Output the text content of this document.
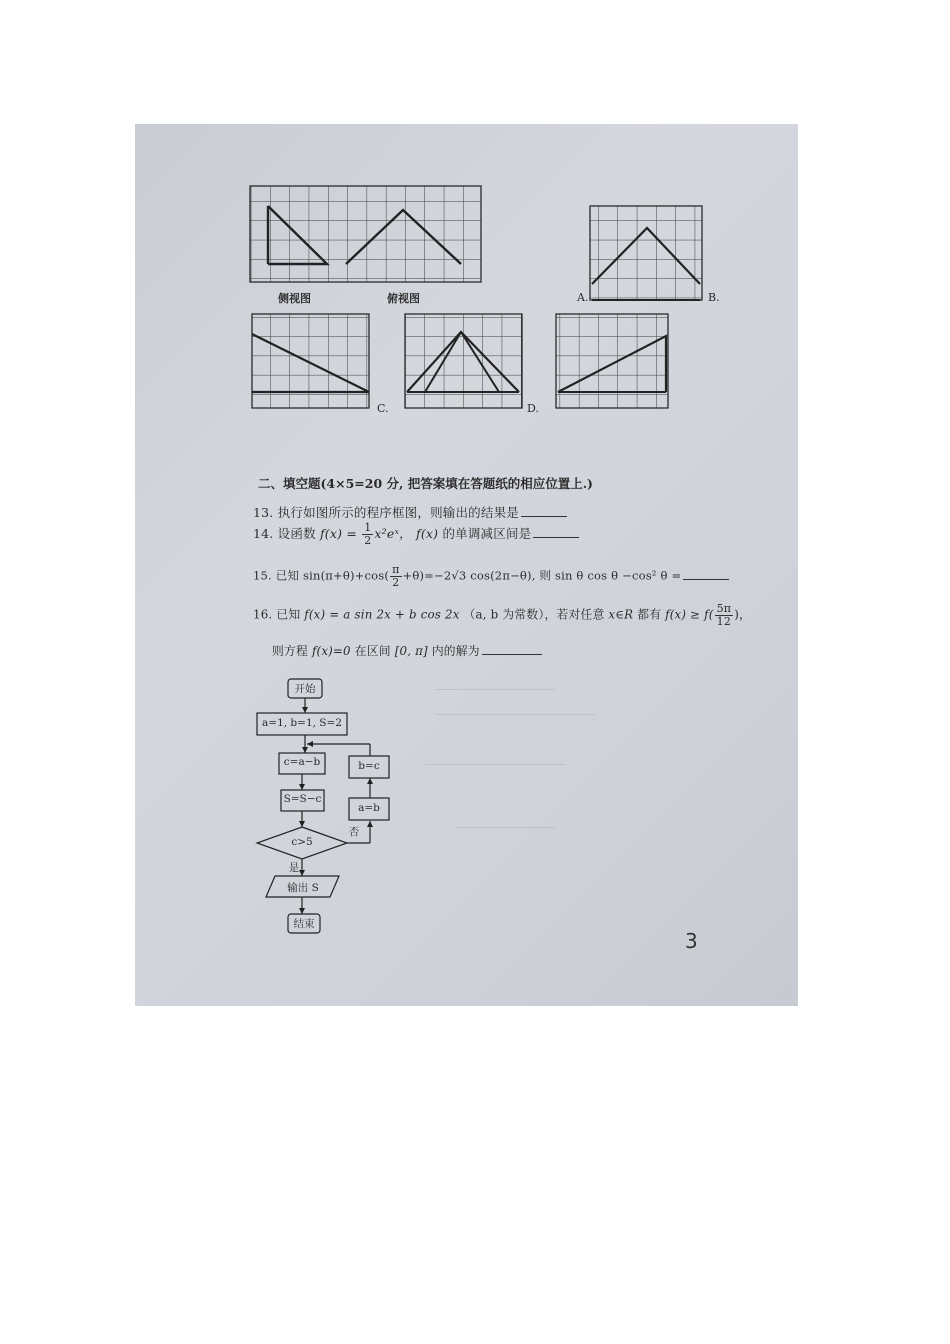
侧视图	俯视图	A.	B.
C.	D.
二、填空题(4×5=20 分, 把答案填在答题纸的相应位置上.)
13. 执行如图所示的程序框图，则输出的结果是
14. 设函数 $f(x) = \frac{1}{2}$ x²eˣ， f(x) 的单调减区间是
15. 已知 $\sin(\pi+\theta)+\cos( \frac{\pi}{2} +\theta)=-2√3$ cos(2π−θ), 则 sin θ cos θ −cos² θ =
16. 已知 f(x) = a sin 2x + b cos 2x （a, b 为常数），若对任意 x∈R 都有 $f(x) \ge f( \frac{5\pi}{12}$ )，
则方程 f(x)=0 在区间 [0, π] 内的解为
开始
a=1, b=1, S=2
c=a−b
S=S−c
c>5
是
否
a=b
b=c
输出 S
结束
3
